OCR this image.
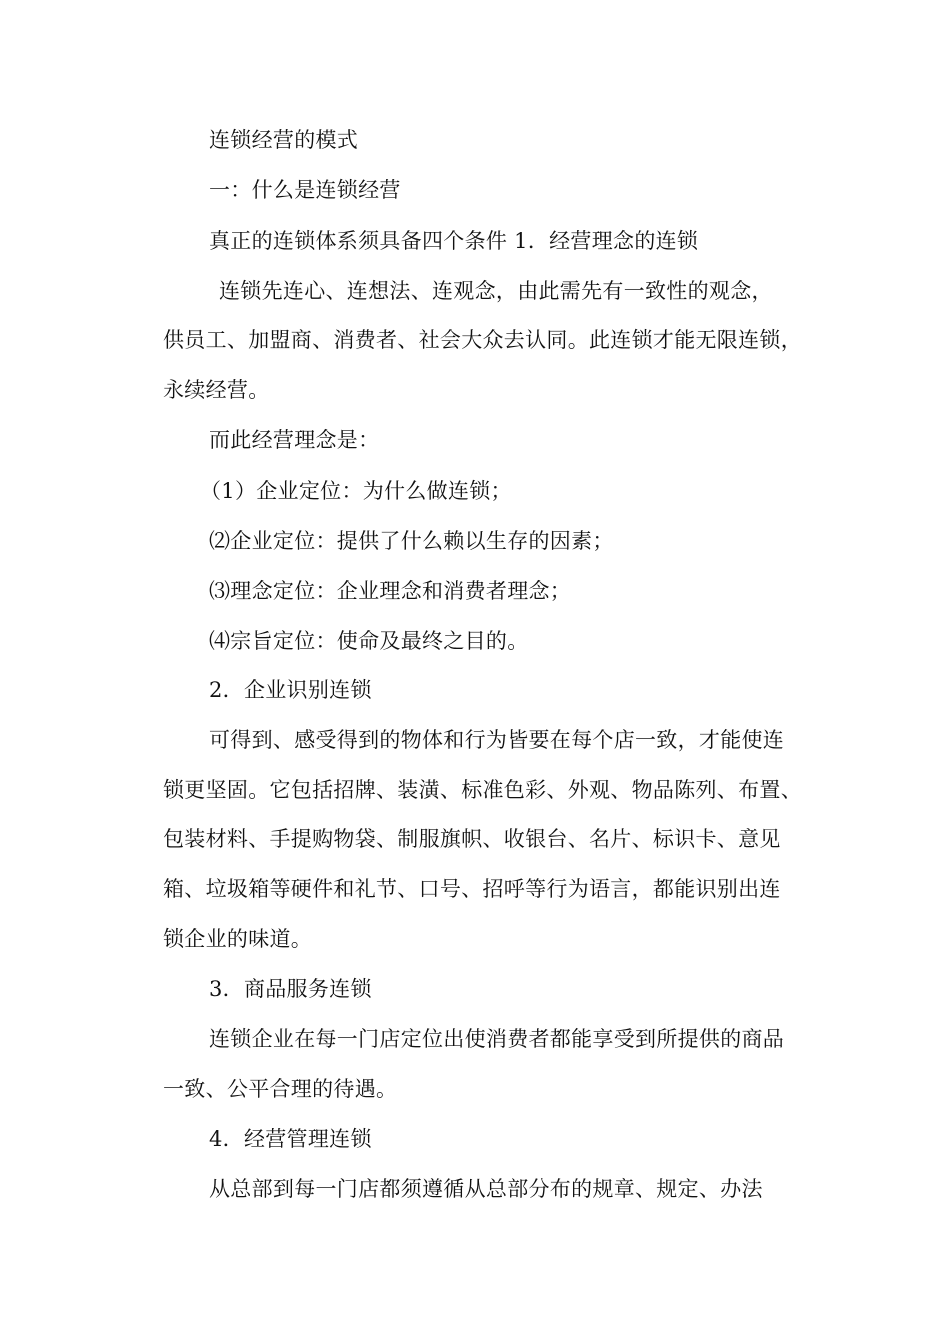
连锁经营的模式
一：什么是连锁经营
真正的连锁体系须具备四个条件 1．经营理念的连锁
连锁先连心、连想法、连观念，由此需先有一致性的观念，
供员工、加盟商、消费者、社会大众去认同。此连锁才能无限连锁，
永续经营。
而此经营理念是：
（1）企业定位：为什么做连锁；
⑵企业定位：提供了什么赖以生存的因素；
⑶理念定位：企业理念和消费者理念；
⑷宗旨定位：使命及最终之目的。
2．企业识别连锁
可得到、感受得到的物体和行为皆要在每个店一致，才能使连
锁更坚固。它包括招牌、装潢、标准色彩、外观、物品陈列、布置、
包装材料、手提购物袋、制服旗帜、收银台、名片、标识卡、意见
箱、垃圾箱等硬件和礼节、口号、招呼等行为语言，都能识别出连
锁企业的味道。
3．商品服务连锁
连锁企业在每一门店定位出使消费者都能享受到所提供的商品
一致、公平合理的待遇。
4．经营管理连锁
从总部到每一门店都须遵循从总部分布的规章、规定、办法
